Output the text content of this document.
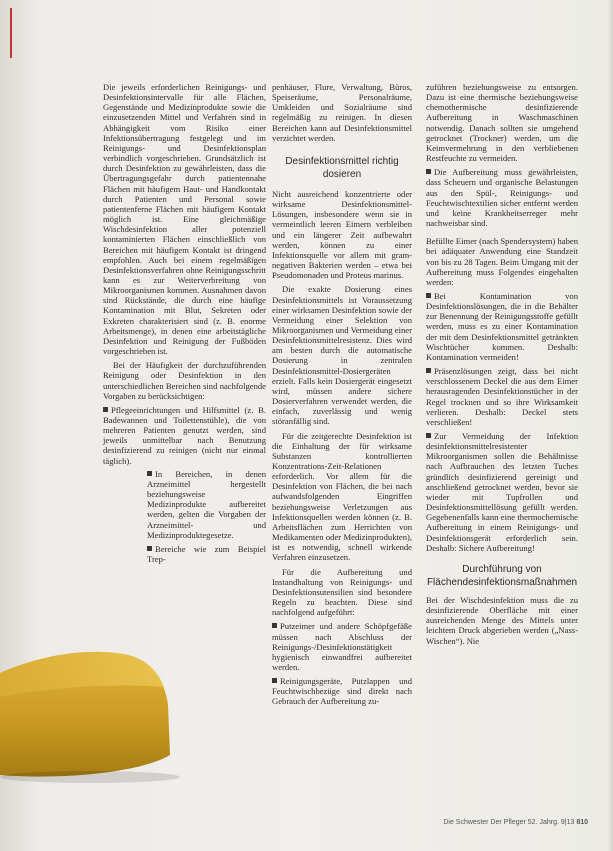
Die jeweils erforderlichen Reinigungs- und Desinfektionsintervalle für alle Flächen, Gegenstände und Medizinprodukte sowie die einzusetzenden Mittel und Verfahren sind in Abhängigkeit vom Risiko einer Infektionsübertragung festgelegt und im Reinigungs- und Desinfektionsplan verbindlich vorgeschrieben. Grundsätzlich ist durch Desinfektion zu gewährleisten, dass die Übertragungsgefahr durch patientennahe Flächen mit häufigem Haut- und Handkontakt durch Patienten und Personal sowie patientenferne Flächen mit häufigem Kontakt möglich ist. Eine gleichmäßige Wischdesinfektion aller potenziell kontaminierten Flächen einschließlich von Bereichen mit häufigem Kontakt ist dringend empfohlen. Auch bei einem regelmäßigen Desinfektionsverfahren ohne Reinigungsschritt kann es zur Weiterverbreitung von Mikroorganismen kommen. Ausnahmen davon sind Rückstände, die durch eine häufige Kontamination mit Blut, Sekreten oder Exkreten charakterisiert sind (z. B. enorme Arbeitsmenge), in denen eine arbeitstägliche Desinfektion und Reinigung der Fußböden vorgeschrieben ist.

Bei der Häufigkeit der durchzuführenden Reinigung oder Desinfektion in den unterschiedlichen Bereichen sind nachfolgende Vorgaben zu berücksichtigen:

Pflegeeinrichtungen und Hilfsmittel (z. B. Badewannen und Toilettenstühle), die von mehreren Patienten genutzt werden, sind jeweils unmittelbar nach Benutzung desinfizierend zu reinigen (nicht nur einmal täglich).

In Bereichen, in denen Arzneimittel hergestellt beziehungsweise Medizinprodukte aufbereitet werden, gelten die Vorgaben der Arzneimittel- und Medizinproduktegesetze.

Bereiche wie zum Beispiel Trep-

penhäuser, Flure, Verwaltung, Büros, Speiseräume, Personalräume, Umkleiden und Sozialräume sind regelmäßig zu reinigen. In diesen Bereichen kann auf Desinfektionsmittel verzichtet werden.

Desinfektionsmittel richtig dosieren

Nicht ausreichend konzentrierte oder wirksame Desinfektionsmittel-Lösungen, insbesondere wenn sie in vermeintlich leeren Eimern verbleiben und ein längerer Zeit aufbewahrt werden, können zu einer Infektionsquelle vor allem mit gram-negativen Bakterien werden – etwa bei Pseudomonaden und Proteus marinus.

Die exakte Dosierung eines Desinfektionsmittels ist Voraussetzung einer wirksamen Desinfektion sowie der Vermeidung einer Selektion von Mikroorganismen und Vermeidung einer Desinfektionsmittelresistenz. Dies wird am besten durch die automatische Dosierung in zentralen Desinfektionsmittel-Dosiergeräten erzielt. Falls kein Dosiergerät eingesetzt wird, müssen andere sichere Dosierverfahren verwendet werden, die einfach, zuverlässig und wenig störanfällig sind.

Für die zeitgerechte Desinfektion ist die Einhaltung der für wirksame Substanzen kontrollierten Konzentrations-Zeit-Relationen erforderlich. Vor allem für die Desinfektion von Flächen, die bei nach aufwandsfolgenden Eingriffen beziehungsweise Verletzungen aus Infektionsquellen werden können (z. B. Arbeitsflächen zum Herrichten von Medikamenten oder Medizinprodukten), ist es notwendig, schnell wirkende Verfahren einzusetzen.

Für die Aufbereitung und Instandhaltung von Reinigungs- und Desinfektionsutensilien sind besondere Regeln zu beachten. Diese sind nachfolgend aufgeführt:

Putzeimer und andere Schöpfgefäße müssen nach Abschluss der Reinigungs-/Desinfektionstätigkeit hygienisch einwandfrei aufbereitet werden.

Reinigungsgeräte, Putzlappen und Feuchtwischbezüge sind direkt nach Gebrauch der Aufbereitung zu-

zuführen beziehungsweise zu entsorgen. Dazu ist eine thermische beziehungsweise chemothermische desinfizierende Aufbereitung in Waschmaschinen notwendig. Danach sollten sie umgehend getrocknet (Trockner) werden, um die Keimvermehrung in den verbliebenen Restfeuchte zu vermeiden.

Die Aufbereitung muss gewährleisten, dass Scheuern und organische Belastungen aus den Spül-, Reinigungs- und Feuchtwischtextilien sicher entfernt werden und keine Krankheitserreger mehr nachweisbar sind.

Befüllte Eimer (nach Spendersystem) haben bei adäquater Anwendung eine Standzeit von bis zu 28 Tagen. Beim Umgang mit der Aufbereitung muss Folgendes eingehalten werden:

Bei Kontamination von Desinfektionslösungen, die in die Behälter zur Benennung der Reinigungsstoffe gefüllt werden, muss es zu einer Kontamination der mit dem Desinfektionsmittel getränkten Wischtücher kommen. Deshalb: Kontamination vermeiden!

Präsenzlösungen zeigt, dass bei nicht verschlossenem Deckel die aus dem Eimer herausragenden Desinfektionstücher in der Regel trocknen und so ihre Wirksamkeit verlieren. Deshalb: Deckel stets verschließen!

Zur Vermeidung der Infektion desinfektionsmittelresistenter Mikroorganismen sollen die Behältnisse nach Aufbrauchen des letzten Tuches gründlich desinfizierend gereinigt und anschließend getrocknet werden, bevor sie wieder mit Tupfrollen und Desinfektionsmittellösung gefüllt werden. Gegebenenfalls kann eine thermochemische Aufbereitung in einem Reinigungs- und Desinfektionsgerät erforderlich sein. Deshalb: Sichere Aufbereitung!

Durchführung von Flächendesinfektionsmaßnahmen

Bei der Wischdesinfektion muss die zu desinfizierende Oberfläche mit einer ausreichenden Menge des Mittels unter leichtem Druck abgerieben werden („Nass-Wischen“). Nie

Die Schwester Der Pfleger 52. Jahrg. 9|13 810
